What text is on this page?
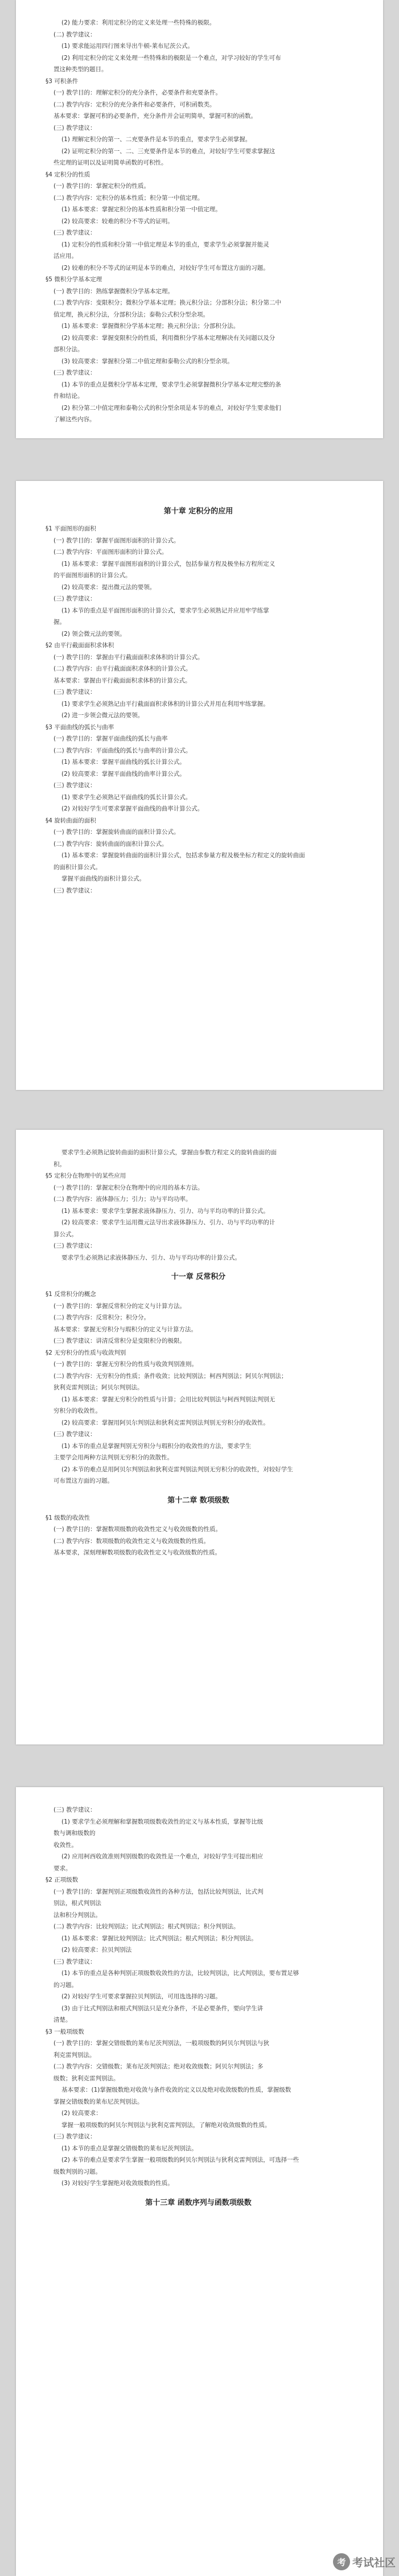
(2) 能力要求：利用定积分的定义来处理一些特殊的极限。
(二) 教学建议：
(1) 要求能运用四行图来导出牛顿-莱布尼茨公式。
(2) 利用定积分的定义来处理一些特殊和的极限是一个难点，对学习较好的学生可布
置这种类型的题目。
§3 可积条件
(一) 教学目的：理解定积分的充分条件，必要条件和充要条件。
(二) 教学内容：定积分的充分条件和必要条件，可积函数类。
基本要求：掌握可积的必要条件，充分条件并会证明简单，掌握可积的函数。
(三) 教学建议：
(1) 理解定积分的第一、二充要条件是本节的重点，要求学生必须掌握。
(2) 证明定积分的第一、二、三充要条件是本节的难点，对较好学生可要求掌握这
些定理的证明以及证明简单函数的可积性。
§4 定积分的性质
(一) 教学目的：掌握定积分的性质。
(二) 教学内容：定积分的基本性质；积分第一中值定理。
(1) 基本要求：掌握定积分的基本性质和积分第一中值定理。
(2) 较高要求：较难的积分不等式的证明。
(三) 教学建议：
(1) 定积分的性质和积分第一中值定理是本节的重点，要求学生必须掌握并能灵
活应用。
(2) 较难的积分不等式的证明是本节的难点，对较好学生可布置这方面的习题。
§5 微积分学基本定理
(一) 教学目的：熟练掌握微积分学基本定理。
(二) 教学内容：变限积分；微积分学基本定理；换元积分法；分部积分法；积分第二中
值定理，换元积分法，分部积分法；泰勒公式积分型余项。
(1) 基本要求：掌握微积分学基本定理；换元积分法；分部积分法。
(2) 较高要求：掌握变限积分的性质，利用微积分学基本定理解决有关问题以及分
部积分法。
(3) 较高要求：掌握积分第二中值定理和泰勒公式的积分型余项。
(三) 教学建议：
(1) 本节的重点是微积分学基本定理，要求学生必须掌握微积分学基本定理完整的条
件和结论。
(2) 积分第二中值定理和泰勒公式的积分型余项是本节的难点，对较好学生要求他们
了解这些内容。
第十章 定积分的应用
§1 平面图形的面积
(一) 教学目的：掌握平面图形面积的计算公式。
(二) 教学内容：平面图形面积的计算公式。
(1) 基本要求：掌握平面图形面积的计算公式，包括参量方程及极坐标方程所定义
的平面图形面积的计算公式。
(2) 较高要求：提出微元法的要领。
(三) 教学建议：
(1) 本节的重点是平面图形面积的计算公式，要求学生必须熟记并应用牢学练掌
握。
(2) 领会微元法的要领。
§2 由平行截面面积求体积
(一) 教学目的：掌握由平行截面面积求体积的计算公式。
(二) 教学内容：由平行截面面积求体积的计算公式。
基本要求：掌握由平行截面面积求体积的计算公式。
(三) 教学建议：
(1) 要求学生必须熟记由平行截面面积求体积的计算公式并用在利用牢练掌握。
(2) 进一步领会微元法的要领。
§3 平面曲线的弧长与曲率
(一) 教学目的：掌握平面曲线的弧长与曲率
(二) 教学内容：平面曲线的弧长与曲率的计算公式。
(1) 基本要求：掌握平面曲线的弧长计算公式。
(2) 较高要求：掌握平面曲线的曲率计算公式。
(三) 教学建议：
(1) 要求学生必须熟记平面曲线的弧长计算公式。
(2) 对较好学生可要求掌握平面曲线的曲率计算公式。
§4 旋转曲面的面积
(一) 教学目的：掌握旋转曲面的面积计算公式。
(二) 教学内容：旋转曲面的面积计算公式。
(1) 基本要求：掌握旋转曲面的面积计算公式，包括求参量方程及极坐标方程定义的旋转曲面
的面积计算公式。
掌握平面曲线的面积计算公式。
(三) 教学建议：
要求学生必须熟记旋转曲面的面积计算公式，掌握由参数方程定义的旋转曲面的面
积。
§5 定积分在物理中的某些应用
(一) 教学目的：掌握定积分在物理中的应用的基本方法。
(二) 教学内容：液体静压力；引力；功与平均功率。
(1) 基本要求：要求学生掌握求液体静压力、引力、功与平均功率的计算公式。
(2) 较高要求：要求学生运用微元法导出求液体静压力、引力、功与平均功率的计
算公式。
(三) 教学建议：
要求学生必须熟记求液体静压力、引力、功与平均功率的计算公式。
十一章 反常积分
§1 反常积分的概念
(一) 教学目的：掌握反常积分的定义与计算方法。
(二) 教学内容：反常积分；积分分。
基本要求：掌握无穷积分与瑕积分的定义与计算方法。
(三) 教学建议：讲清反常积分是变限积分的极限。
§2 无穷积分的性质与收敛判别
(一) 教学目的：掌握无穷积分的性质与收敛判别准则。
(二) 教学内容：无穷积分的性质；条件收敛；比较判别法；柯西判别法；阿贝尔判别法；
狄利克雷判别法；阿贝尔判别法。
(1) 基本要求：掌握无穷积分的性质与计算；会用比较判别法与柯西判别法判别无
穷积分的收敛性。
(2) 较高要求：掌握用阿贝尔判别法和狄利克雷判别法判别无穷积分的收敛性。
(三) 教学建议：
(1) 本节的重点是掌握判别无穷积分与瑕积分的收敛性的方法，要求学生
主要学会用两种方法判别无穷积分的敛散性。
(2) 本节的难点是用阿贝尔判别法和狄利克雷判别法判别无穷积分的收敛性，对较好学生
可布置这方面的习题。
第十二章 数项级数
§1 级数的收敛性
(一) 教学目的：掌握数项级数的收敛性定义与收敛级数的性质。
(二) 教学内容：数项级数的收敛性定义与收敛级数的性质。
基本要求，深刻理解数项级数的收敛性定义与收敛级数的性质。
(三) 教学建议：
(1) 要求学生必须理解和掌握数项级数收敛性的定义与基本性质，掌握等比级
数与调和级数的
收敛性。
(2) 应用柯西收敛准则判别级数的收敛性是一个难点，对较好学生可提出相应
要求。
§2 正项级数
(一) 教学目的：掌握判别正项级数收敛性的各种方法，包括比较判别法，比式判
别法，根式判别法
法和积分判别法。
(二) 教学内容：比较判别法；比式判别法；根式判别法；积分判别法。
(1) 基本要求：掌握比较判别法；比式判别法；根式判别法；积分判别法。
(2) 较高要求：拉贝判别法
(三) 教学建议：
(1) 本节的重点是各种判别正项级数收敛性的方法，比较判别法，比式判别法，要布置足够
的习题。
(2) 对较好学生可要求掌握拉贝判别法，可用选选择的习题。
(3) 由于比式判别法和根式判别法只是充分条件，不是必要条件，要向学生讲
清楚。
§3 一般项级数
(一) 教学目的：掌握交错级数的莱布尼茨判别法，一般项级数的阿贝尔判别法与狄
利克雷判别法。
(二) 教学内容：交错级数；莱布尼茨判别法；绝对收敛级数；阿贝尔判别法；多
级数；狄利克雷判别法。
基本要求：(1)掌握级数绝对收敛与条件收敛的定义以及绝对收敛级数的性质，掌握级数
掌握交错级数的莱布尼茨判别法。
(2) 较高要求：
掌握一般项级数的阿贝尔判别法与狄利克雷判别法，了解绝对收敛级数的性质。
(三) 教学建议：
(1) 本节的重点是掌握交错级数的莱布尼茨判别法。
(2) 本节的难点是要求学生掌握一般项级数的阿贝尔判别法与狄利克雷判别法，可选择一些
级数判别的习题。
(3) 对较好学生掌握绝对收敛级数的性质。
第十三章 函数序列与函数项级数
考 考试社区
